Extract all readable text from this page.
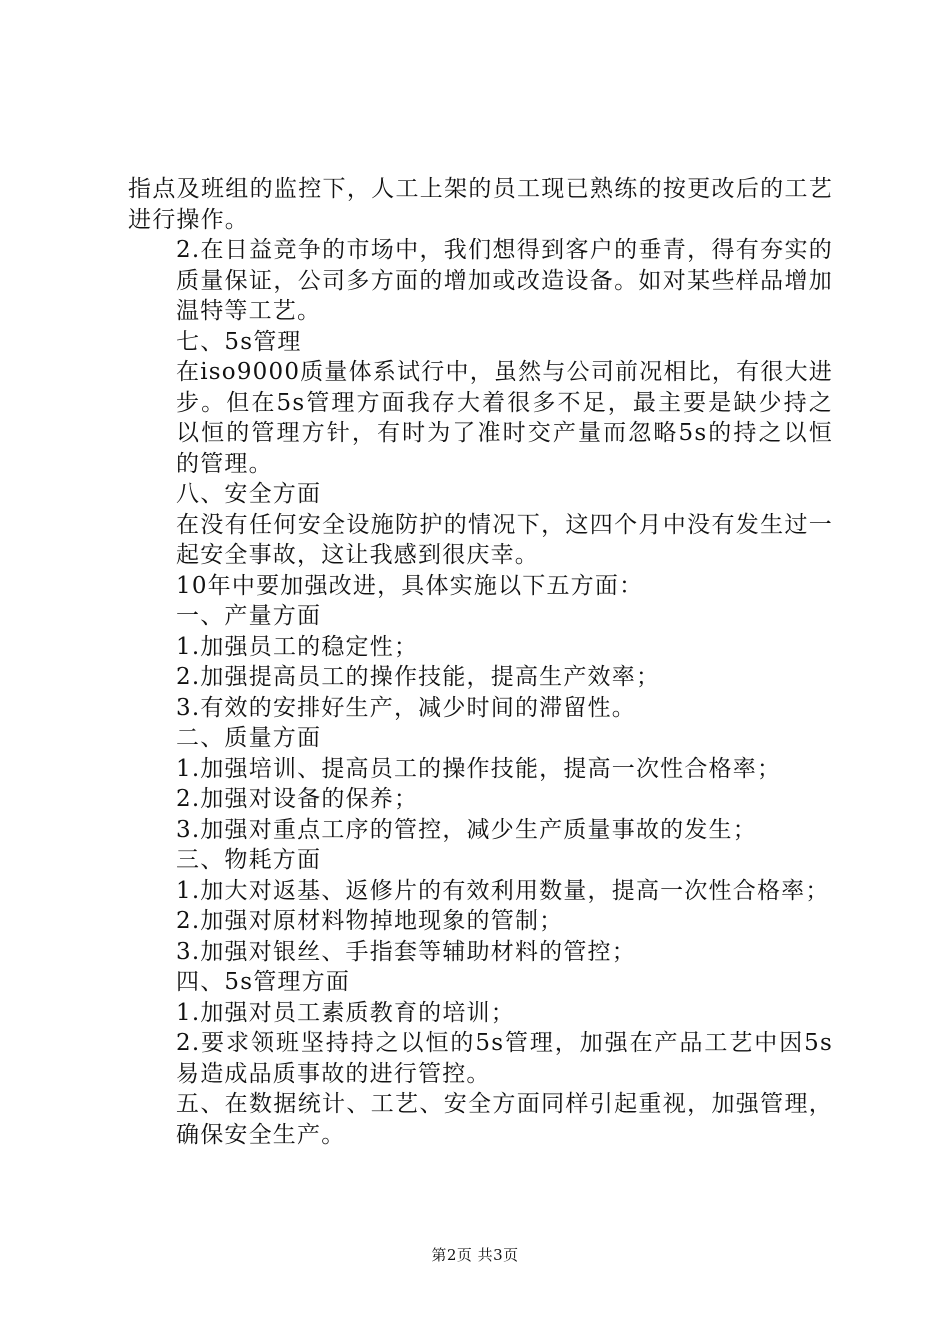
指点及班组的监控下，人工上架的员工现已熟练的按更改后的工艺进行操作。
2.在日益竞争的市场中，我们想得到客户的垂青，得有夯实的质量保证，公司多方面的增加或改造设备。如对某些样品增加温特等工艺。
七、5s管理
在iso9000质量体系试行中，虽然与公司前况相比，有很大进步。但在5s管理方面我存大着很多不足，最主要是缺少持之以恒的管理方针，有时为了准时交产量而忽略5s的持之以恒的管理。
八、安全方面
在没有任何安全设施防护的情况下，这四个月中没有发生过一起安全事故，这让我感到很庆幸。
10年中要加强改进，具体实施以下五方面：
一、产量方面
1.加强员工的稳定性；
2.加强提高员工的操作技能，提高生产效率；
3.有效的安排好生产，减少时间的滞留性。
二、质量方面
1.加强培训、提高员工的操作技能，提高一次性合格率；
2.加强对设备的保养；
3.加强对重点工序的管控，减少生产质量事故的发生；
三、物耗方面
1.加大对返基、返修片的有效利用数量，提高一次性合格率；
2.加强对原材料物掉地现象的管制；
3.加强对银丝、手指套等辅助材料的管控；
四、5s管理方面
1.加强对员工素质教育的培训；
2.要求领班坚持持之以恒的5s管理，加强在产品工艺中因5s易造成品质事故的进行管控。
五、在数据统计、工艺、安全方面同样引起重视，加强管理，确保安全生产。
第2页 共3页
